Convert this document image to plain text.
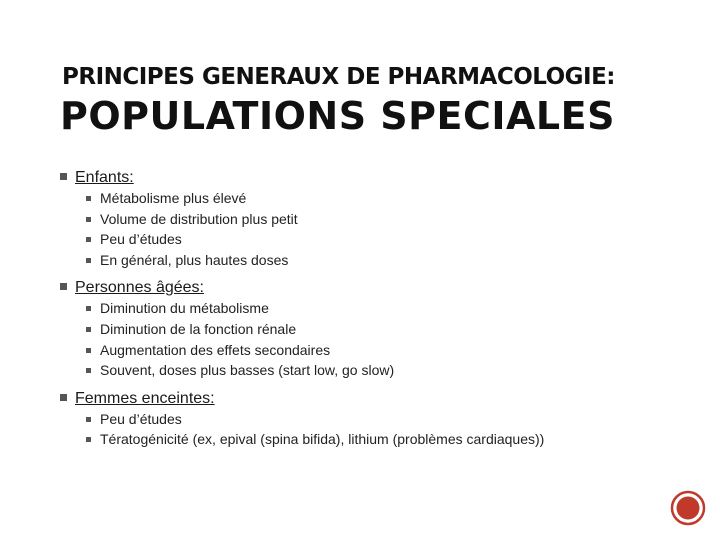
PRINCIPES GENERAUX DE PHARMACOLOGIE:
POPULATIONS SPECIALES
Enfants:
Métabolisme plus élevé
Volume de distribution plus petit
Peu d’études
En général, plus hautes doses
Personnes âgées:
Diminution du métabolisme
Diminution de la fonction rénale
Augmentation des effets secondaires
Souvent, doses plus basses (start low, go slow)
Femmes enceintes:
Peu d’études
Tératogénicité (ex, epival (spina bifida), lithium (problèmes cardiaques))
